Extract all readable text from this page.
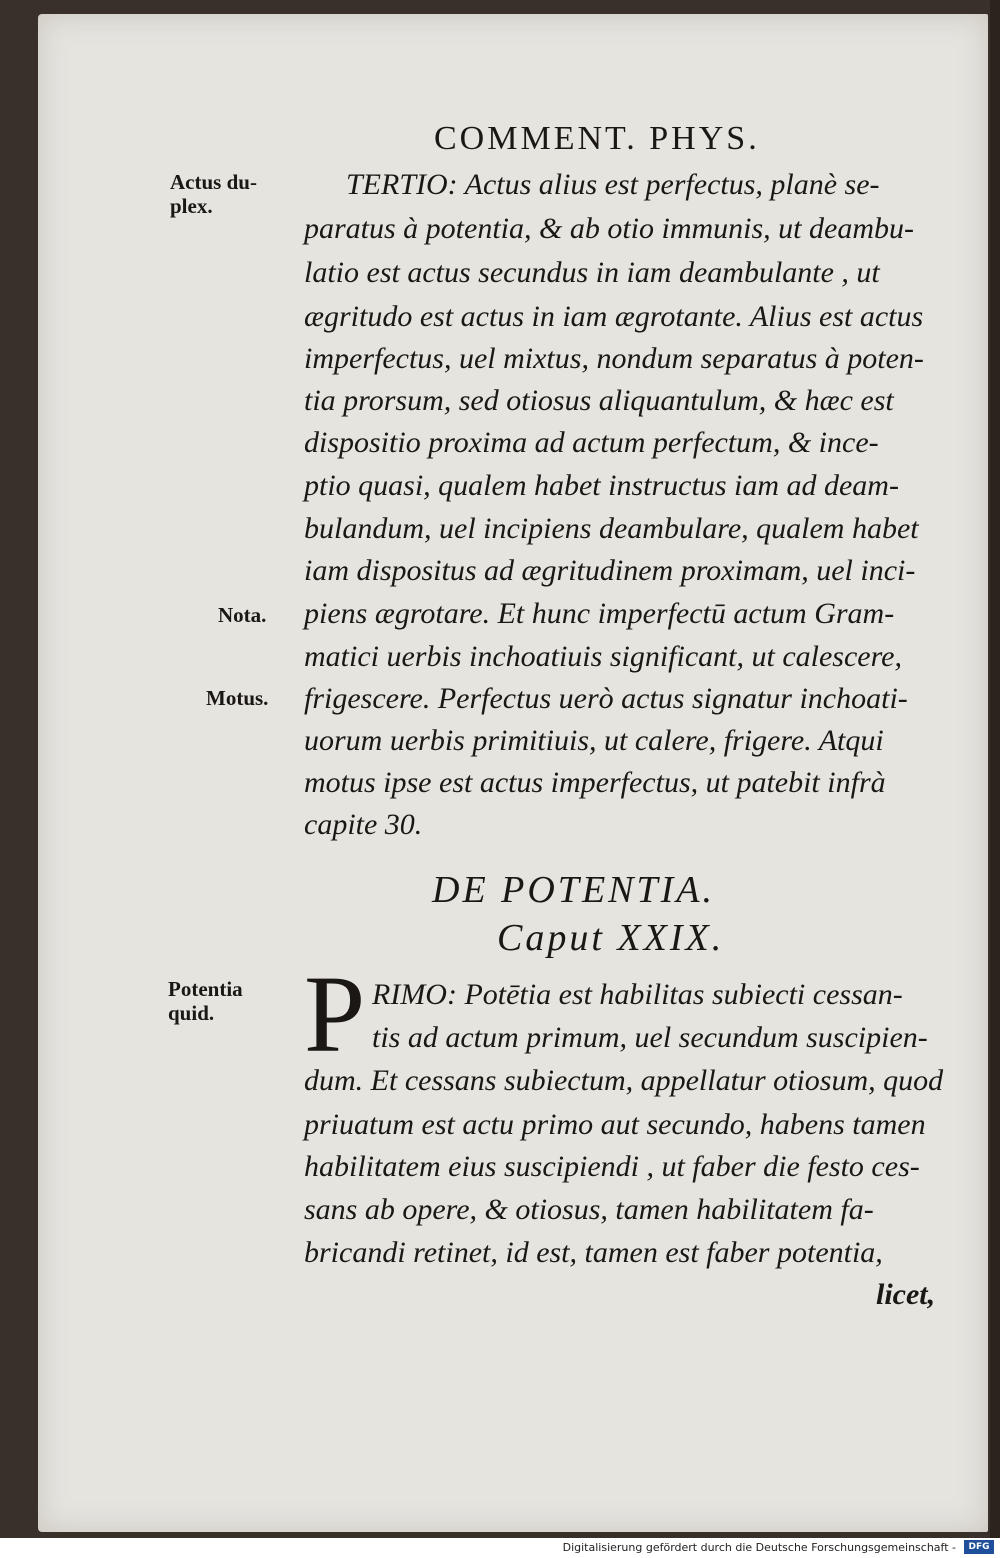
COMMENT. PHYS.
Actus du-
plex.
Nota.
Motus.
Potentia
quid.
TERTIO: Actus alius est perfectus, planè se-
paratus à potentia, & ab otio immunis, ut deambu-
latio est actus secundus in iam deambulante , ut
ægritudo est actus in iam ægrotante. Alius est actus
imperfectus, uel mixtus, nondum separatus à poten-
tia prorsum, sed otiosus aliquantulum, & hæc est
dispositio proxima ad actum perfectum, & ince-
ptio quasi, qualem habet instructus iam ad deam-
bulandum, uel incipiens deambulare, qualem habet
iam dispositus ad ægritudinem proximam, uel inci-
piens ægrotare. Et hunc imperfectū actum Gram-
matici uerbis inchoatiuis significant, ut calescere,
frigescere. Perfectus uerò actus signatur inchoati-
uorum uerbis primitiuis, ut calere, frigere. Atqui
motus ipse est actus imperfectus, ut patebit infrà
capite 30.
DE POTENTIA.
Caput XXIX.
P RIMO: Potētia est habilitas subiecti cessan-
tis ad actum primum, uel secundum suscipien-
dum. Et cessans subiectum, appellatur otiosum, quod
priuatum est actu primo aut secundo, habens tamen
habilitatem eius suscipiendi , ut faber die festo ces-
sans ab opere, & otiosus, tamen habilitatem fa-
bricandi retinet, id est, tamen est faber potentia,
licet,
Digitalisierung gefördert durch die Deutsche Forschungsgemeinschaft -	DFG
